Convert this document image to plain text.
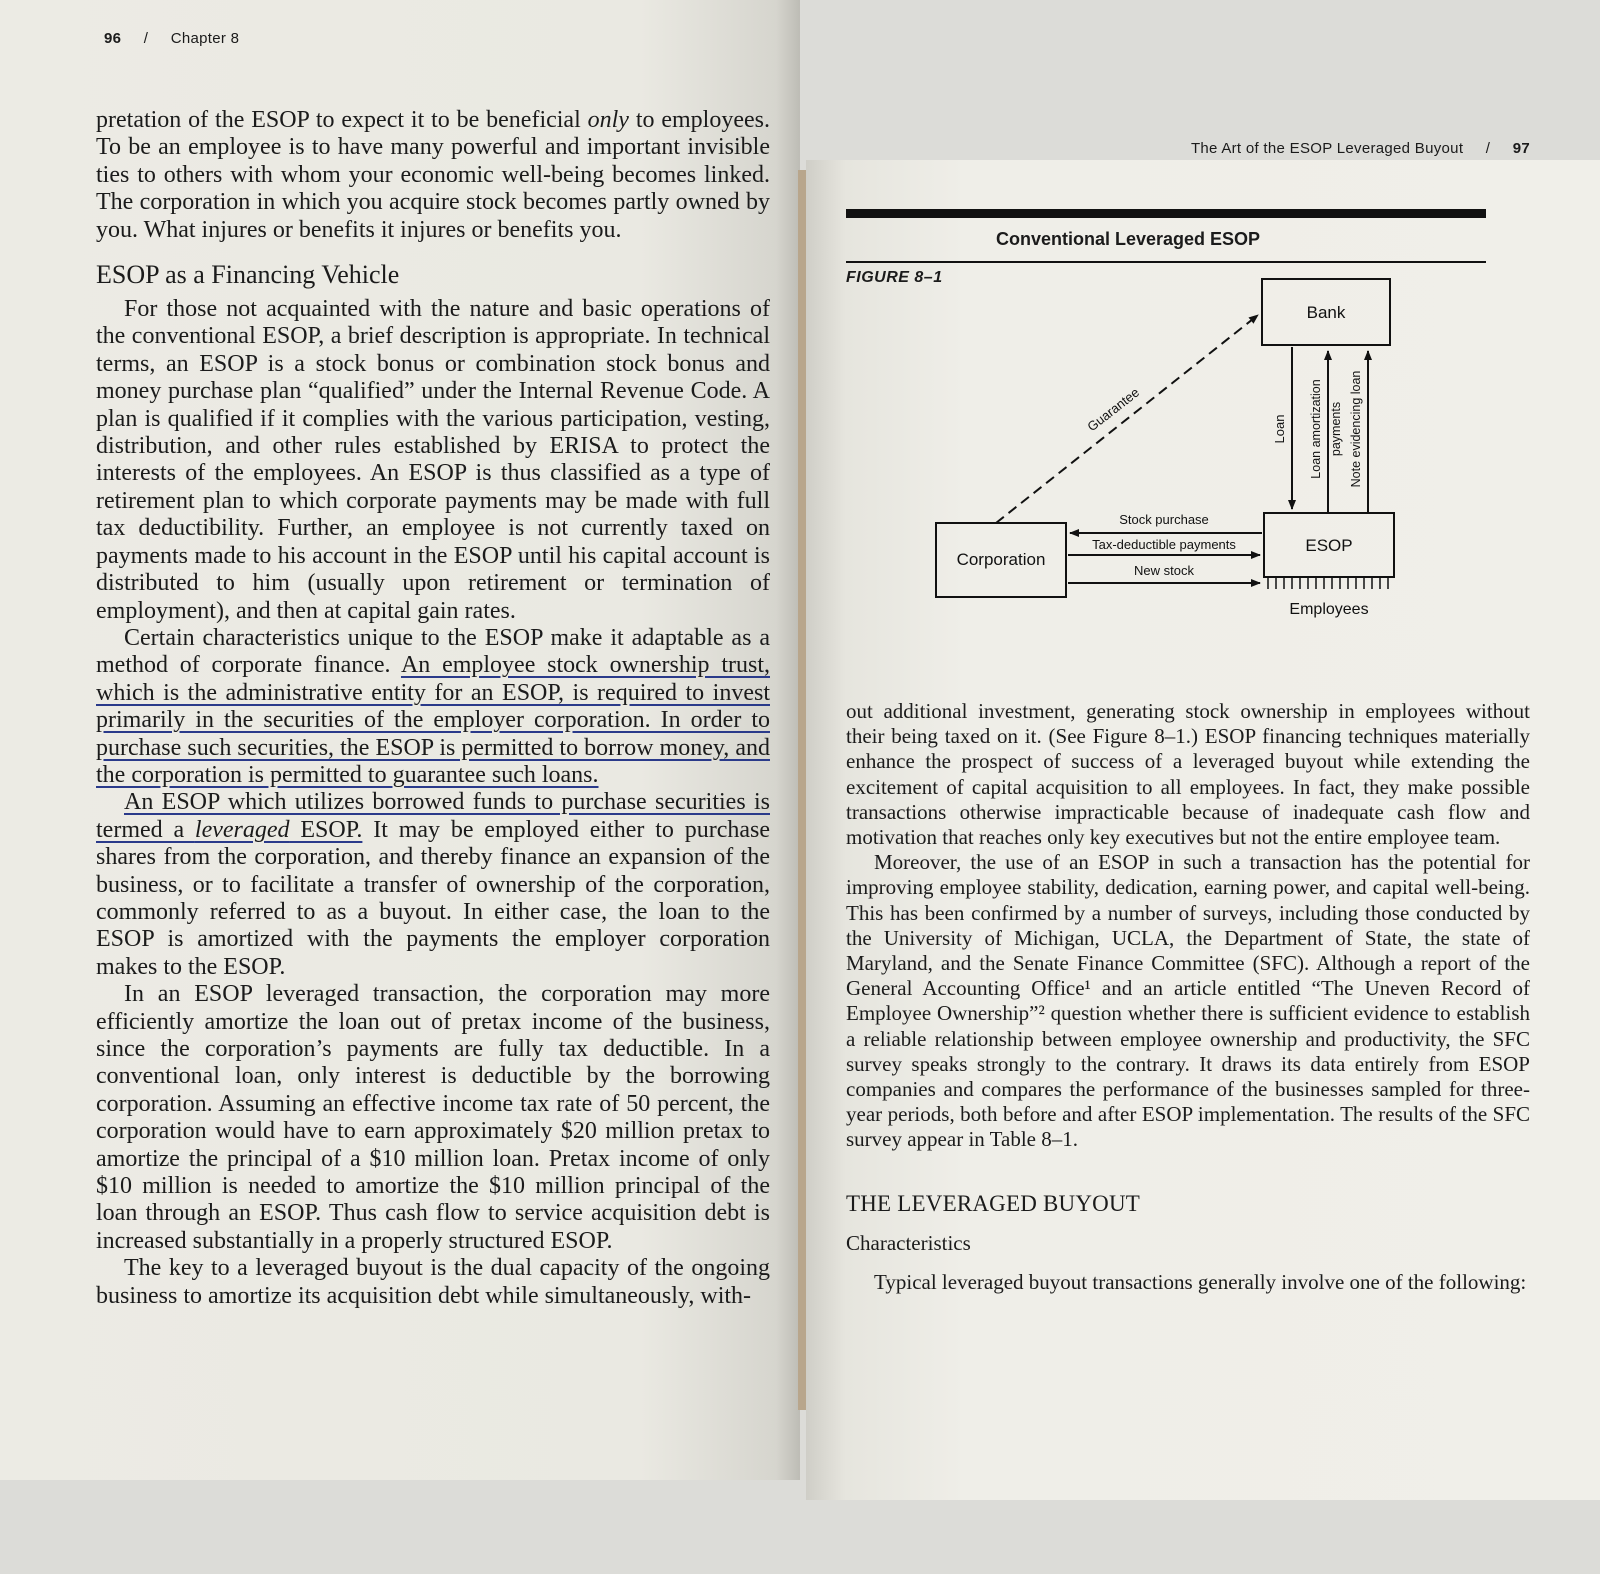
96 / Chapter 8

pretation of the ESOP to expect it to be beneficial only to employees. To be an employee is to have many powerful and important invisible ties to others with whom your economic well-being becomes linked. The corporation in which you acquire stock becomes partly owned by you. What injures or benefits it injures or benefits you.

ESOP as a Financing Vehicle

For those not acquainted with the nature and basic operations of the conventional ESOP, a brief description is appropriate. In technical terms, an ESOP is a stock bonus or combination stock bonus and money purchase plan “qualified” under the Internal Revenue Code. A plan is qualified if it complies with the various participation, vesting, distribution, and other rules established by ERISA to protect the interests of the employees. An ESOP is thus classified as a type of retirement plan to which corporate payments may be made with full tax deductibility. Further, an employee is not currently taxed on payments made to his account in the ESOP until his capital account is distributed to him (usually upon retirement or termination of employment), and then at capital gain rates.

Certain characteristics unique to the ESOP make it adaptable as a method of corporate finance. An employee stock ownership trust, which is the administrative entity for an ESOP, is required to invest primarily in the securities of the employer corporation. In order to purchase such securities, the ESOP is permitted to borrow money, and the corporation is permitted to guarantee such loans.

An ESOP which utilizes borrowed funds to purchase securities is termed a leveraged ESOP. It may be employed either to purchase shares from the corporation, and thereby finance an expansion of the business, or to facilitate a transfer of ownership of the corporation, commonly referred to as a buyout. In either case, the loan to the ESOP is amortized with the payments the employer corporation makes to the ESOP.

In an ESOP leveraged transaction, the corporation may more efficiently amortize the loan out of pretax income of the business, since the corporation’s payments are fully tax deductible. In a conventional loan, only interest is deductible by the borrowing corporation. Assuming an effective income tax rate of 50 percent, the corporation would have to earn approximately $20 million pretax to amortize the principal of a $10 million loan. Pretax income of only $10 million is needed to amortize the $10 million principal of the loan through an ESOP. Thus cash flow to service acquisition debt is increased substantially in a properly structured ESOP.

The key to a leveraged buyout is the dual capacity of the ongoing business to amortize its acquisition debt while simultaneously, with-

The Art of the ESOP Leveraged Buyout / 97
Conventional Leveraged ESOP
FIGURE 8–1
Bank
ESOP
Employees
Corporation
Guarantee	Loan Loan amortization payments Note evidencing loan
Stock purchase
Tax-deductible payments
New stock

out additional investment, generating stock ownership in employees without their being taxed on it. (See Figure 8–1.) ESOP financing techniques materially enhance the prospect of success of a leveraged buyout while extending the excitement of capital acquisition to all employees. In fact, they make possible transactions otherwise impracticable because of inadequate cash flow and motivation that reaches only key executives but not the entire employee team.

Moreover, the use of an ESOP in such a transaction has the potential for improving employee stability, dedication, earning power, and capital well-being. This has been confirmed by a number of surveys, including those conducted by the University of Michigan, UCLA, the Department of State, the state of Maryland, and the Senate Finance Committee (SFC). Although a report of the General Accounting Office¹ and an article entitled “The Uneven Record of Employee Ownership”² question whether there is sufficient evidence to establish a reliable relationship between employee ownership and productivity, the SFC survey speaks strongly to the contrary. It draws its data entirely from ESOP companies and compares the performance of the businesses sampled for three-year periods, both before and after ESOP implementation. The results of the SFC survey appear in Table 8–1.

THE LEVERAGED BUYOUT
Characteristics

Typical leveraged buyout transactions generally involve one of the following:
